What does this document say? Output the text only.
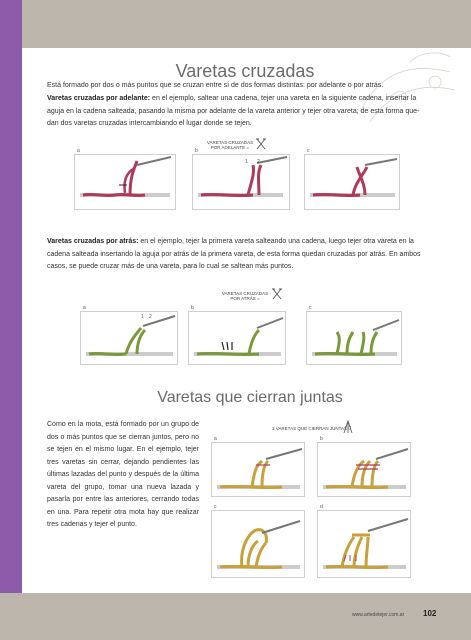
Varetas cruzadas
Está formado por dos o más puntos que se cruzan entre sí de dos formas distintas: por adelante o por atrás.
Varetas cruzadas por adelante: en el ejemplo, saltear una cadena, tejer una vareta en la siguiente cadena, insertar la aguja en la cadena salteada, pasando la misma por adelante de la vareta anterior y tejer otra vareta; de esta forma que-dan dos varetas cruzadas intercambiando el lugar donde se tejen.
VARETAS CRUZADAS POR ADELANTE =
a	b
1 2
c
Varetas cruzadas por atrás: en el ejemplo, tejer la primera vareta salteando una cadena, luego tejer otra vareta en la cadena salteada insertando la aguja por atrás de la primera vareta, de esta forma quedan cruzadas por atrás. En ambos casos, se puede cruzar más de una vareta, para lo cual se saltean más puntos.
VARETAS CRUZADAS POR ATRÁS =
a
1 2
b	c
Varetas que cierran juntas
Como en la mota, está formado por un grupo de dos o más puntos que se cierran juntos, pero no se tejen en el mismo lugar. En el ejemplo, tejer tres varetas sin cerrar, dejando pendientes las últimas lazadas del punto y después de la última vareta del grupo, tomar una nueva lazada y pasarla por entre las anteriores, cerrando todas en una. Para repetir otra mota hay que realizar tres cadenas y tejer el punto.
3 VARETAS QUE CIERRAN JUNTAS =
a	b
c	d
www.artedetejer.com.ar 102
